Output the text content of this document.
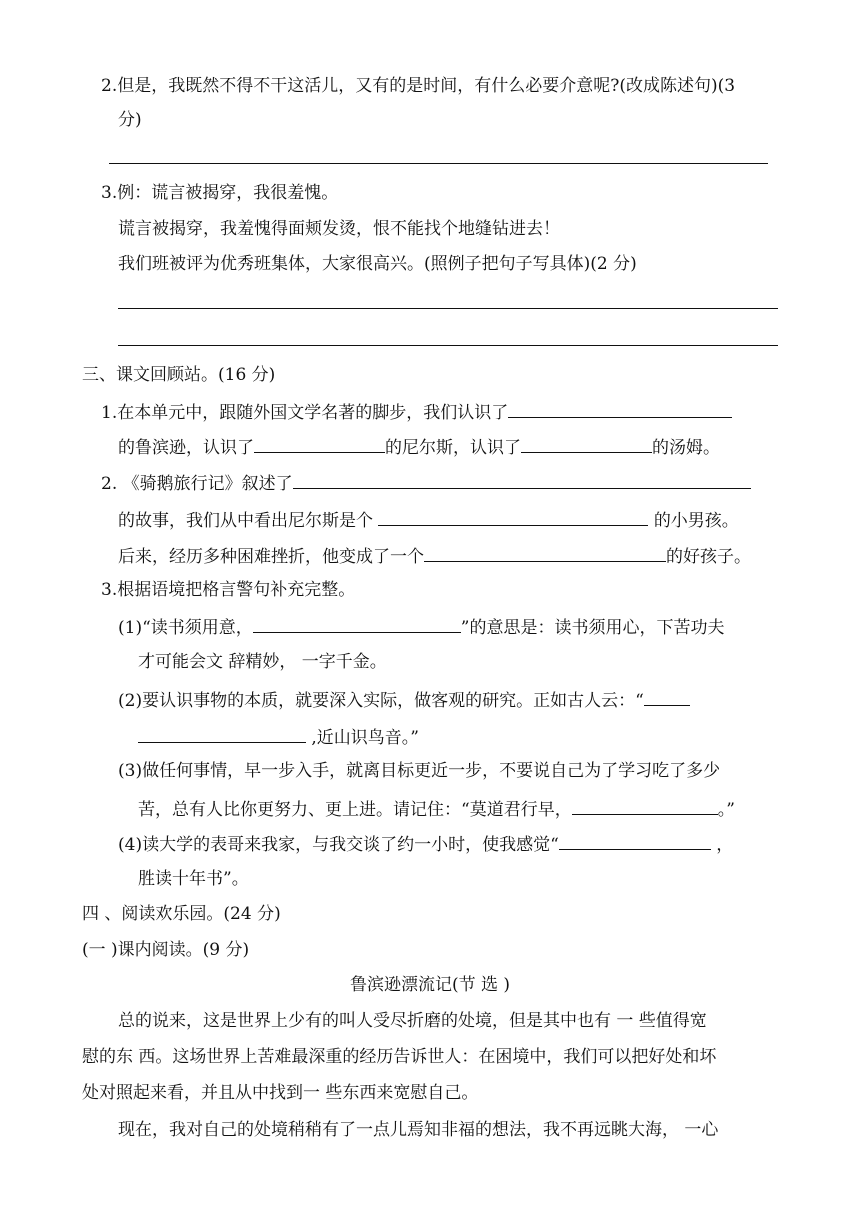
2.但是，我既然不得不干这活儿，又有的是时间，有什么必要介意呢?(改成陈述句)(3
分)
3.例：谎言被揭穿，我很羞愧。
谎言被揭穿，我羞愧得面颊发烫，恨不能找个地缝钻进去！
我们班被评为优秀班集体，大家很高兴。(照例子把句子写具体)(2 分)
三、课文回顾站。(16 分)
1.在本单元中，跟随外国文学名著的脚步，我们认识了
的鲁滨逊，认识了	的尼尔斯，认识了	的汤姆。
2. 《骑鹅旅行记》叙述了
的故事，我们从中看出尼尔斯是个	的小男孩。
后来，经历多种困难挫折，他变成了一个	的好孩子。
3.根据语境把格言警句补充完整。
(1)“读书须用意，	”的意思是：读书须用心，下苦功夫
才可能会文 辞精妙， 一字千金。
(2)要认识事物的本质，就要深入实际，做客观的研究。正如古人云：“
,近山识鸟音。”
(3)做任何事情，早一步入手，就离目标更近一步，不要说自己为了学习吃了多少
苦，总有人比你更努力、更上进。请记住：“莫道君行早，	。”
(4)读大学的表哥来我家，与我交谈了约一小时，使我感觉“	，
胜读十年书”。
四 、阅读欢乐园。(24 分)
(一 )课内阅读。(9 分)
鲁滨逊漂流记(节 选 )
总的说来，这是世界上少有的叫人受尽折磨的处境，但是其中也有 一 些值得宽
慰的东 西。这场世界上苦难最深重的经历告诉世人：在困境中，我们可以把好处和坏
处对照起来看，并且从中找到一 些东西来宽慰自己。
现在，我对自己的处境稍稍有了一点儿焉知非福的想法，我不再远眺大海， 一心
